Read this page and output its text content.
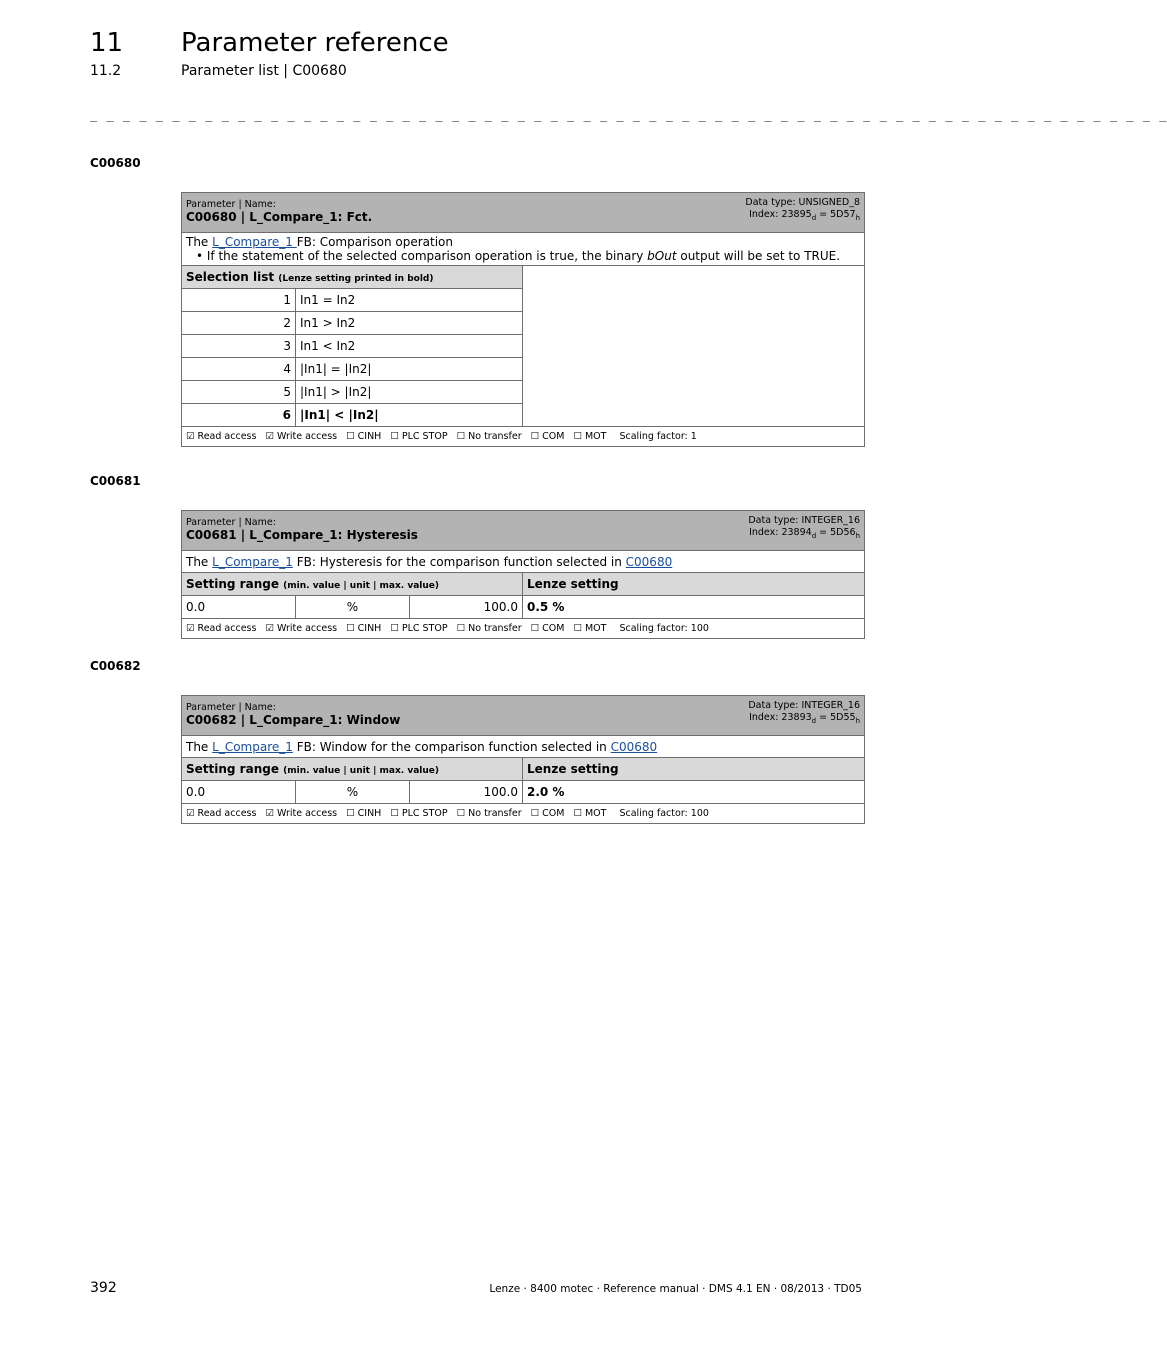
11 Parameter reference
11.2	Parameter list | C00680
_ _ _ _ _ _ _ _ _ _ _ _ _ _ _ _ _ _ _ _ _ _ _ _ _ _ _ _ _ _ _ _ _ _ _ _ _ _ _ _ _ _ _ _ _ _ _ _ _ _ _ _ _ _ _ _ _ _ _ _ _ _ _ _ _ _
C00680
Data type: UNSIGNED_8
Index: $23895_d = 5D57_h$
Parameter | Name:
C00680 | L_Compare_1: Fct.		

The L_Compare_1 FB: Comparison operation
• If the statement of the selected comparison operation is true, the binary bOut output will be set to TRUE.		

Selection list (Lenze setting printed in bold)		
1	In1 = In2	
2	In1 > In2	
3	In1 < In2	
4	|In1| = |In2|	
5	|In1| > |In2|	
6	|In1| < |In2|	
☑ Read access ☑ Write access ☐ CINH ☐ PLC STOP ☐ No transfer ☐ COM ☐ MOT Scaling factor: 1		
C00681
Data type: INTEGER_16
Index: $23894_d = 5D56_h$
Parameter | Name:
C00681 | L_Compare_1: Hysteresis			

The L_Compare_1 FB: Hysteresis for the comparison function selected in C00680			
Setting range (min. value | unit | max. value)			Lenze setting
0.0	%	100.0	0.5 %
☑ Read access ☑ Write access ☐ CINH ☐ PLC STOP ☐ No transfer ☐ COM ☐ MOT Scaling factor: 100			
C00682
Data type: INTEGER_16
Index: $23893_d = 5D55_h$
Parameter | Name:
C00682 | L_Compare_1: Window			

The L_Compare_1 FB: Window for the comparison function selected in C00680			
Setting range (min. value | unit | max. value)			Lenze setting
0.0	%	100.0	2.0 %
☑ Read access ☑ Write access ☐ CINH ☐ PLC STOP ☐ No transfer ☐ COM ☐ MOT Scaling factor: 100			
392	Lenze · 8400 motec · Reference manual · DMS 4.1 EN · 08/2013 · TD05
